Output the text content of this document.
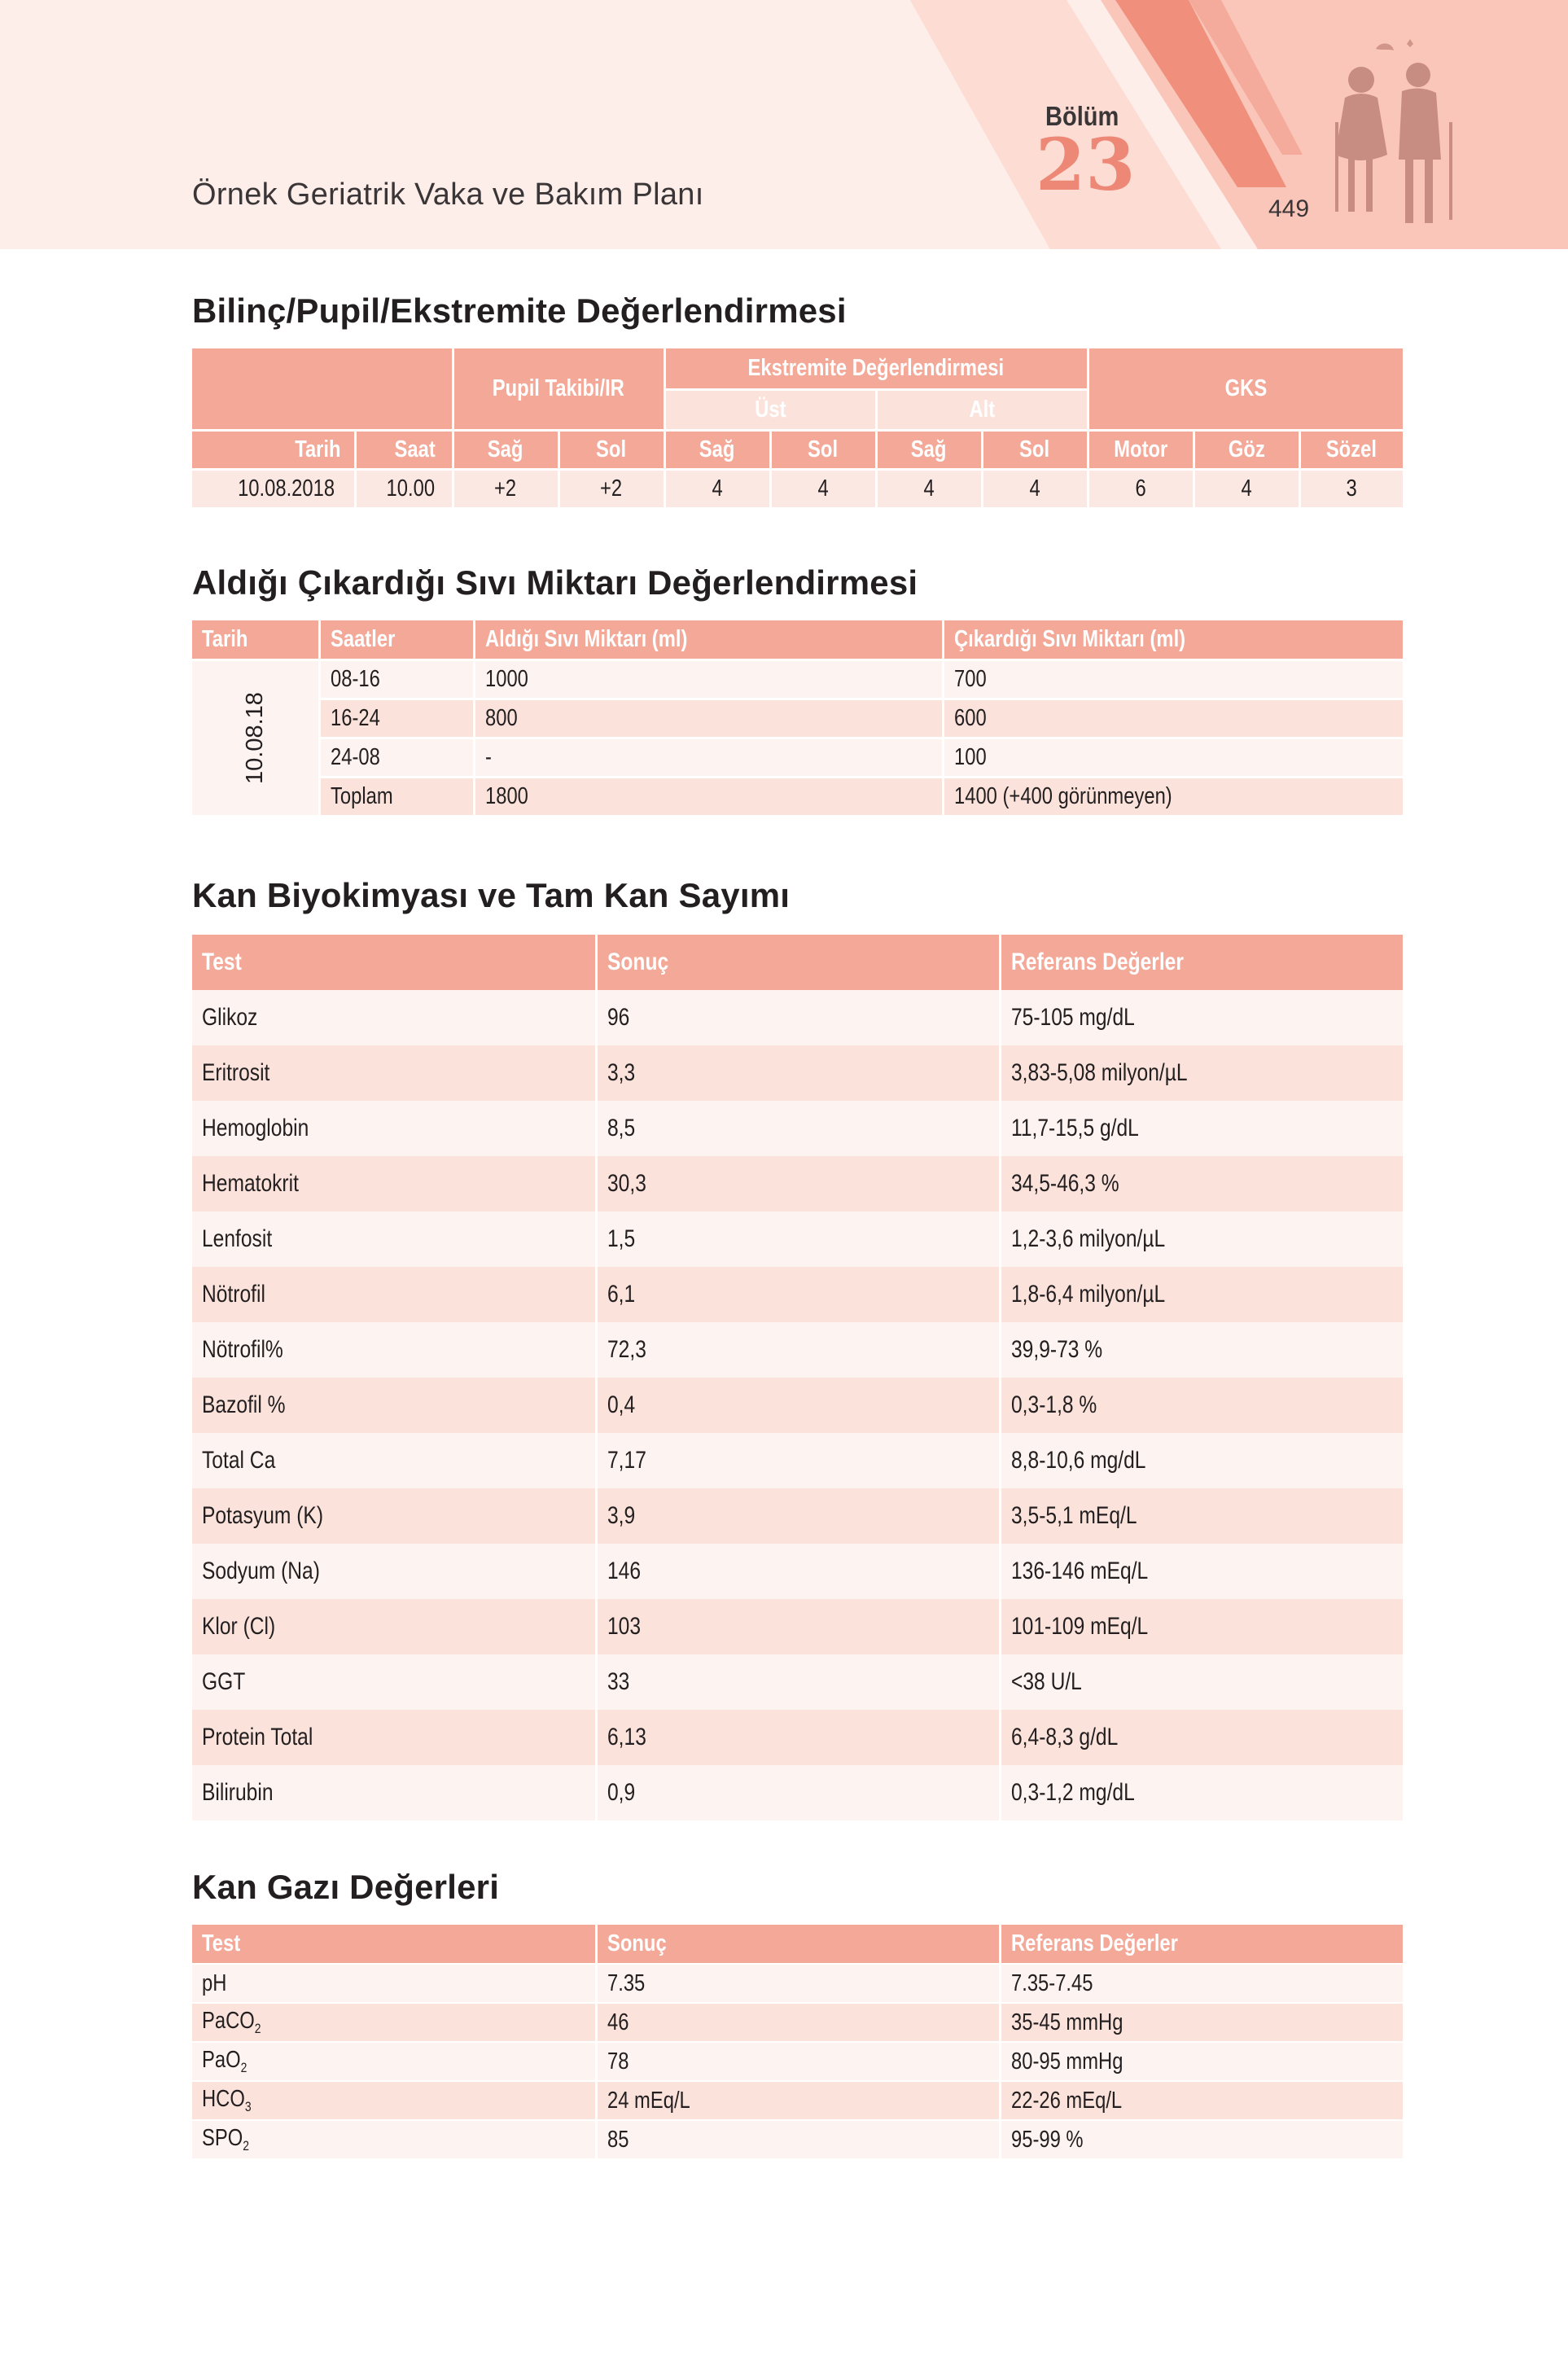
Örnek Geriatrik Vaka ve Bakım Planı
Bölüm
23
449
Bilinç/Pupil/Ekstremite Değerlendirmesi
		Pupil Takibi/IR		Ekstremite Değerlendirmesi				GKS		
				Üst		Alt				
Tarih	Saat	Sağ	Sol	Sağ	Sol	Sağ	Sol	Motor	Göz	Sözel
10.08.2018	10.00	+2	+2	4	4	4	4	6	4	3
Aldığı Çıkardığı Sıvı Miktarı Değerlendirmesi
Tarih	Saatler	Aldığı Sıvı Miktarı (ml)	Çıkardığı Sıvı Miktarı (ml)
10.08.18	08-16	1000	700
	16-24	800	600
	24-08	-	100
	Toplam	1800	1400 (+400 görünmeyen)
Kan Biyokimyası ve Tam Kan Sayımı
Test	Sonuç	Referans Değerler
Glikoz	96	75-105 mg/dL
Eritrosit	3,3	3,83-5,08 milyon/µL
Hemoglobin	8,5	11,7-15,5 g/dL
Hematokrit	30,3	34,5-46,3 %
Lenfosit	1,5	1,2-3,6 milyon/µL
Nötrofil	6,1	1,8-6,4 milyon/µL
Nötrofil%	72,3	39,9-73 %
Bazofil %	0,4	0,3-1,8 %
Total Ca	7,17	8,8-10,6 mg/dL
Potasyum (K)	3,9	3,5-5,1 mEq/L
Sodyum (Na)	146	136-146 mEq/L
Klor (Cl)	103	101-109 mEq/L
GGT	33	<38 U/L
Protein Total	6,13	6,4-8,3 g/dL
Bilirubin	0,9	0,3-1,2 mg/dL
Kan Gazı Değerleri
Test	Sonuç	Referans Değerler
pH	7.35	7.35-7.45
PaCO$_2$	46	35-45 mmHg
PaO$_2$	78	80-95 mmHg
$HCO_3$	24 mEq/L	22-26 mEq/L
$SPO_2$	85	95-99 %
